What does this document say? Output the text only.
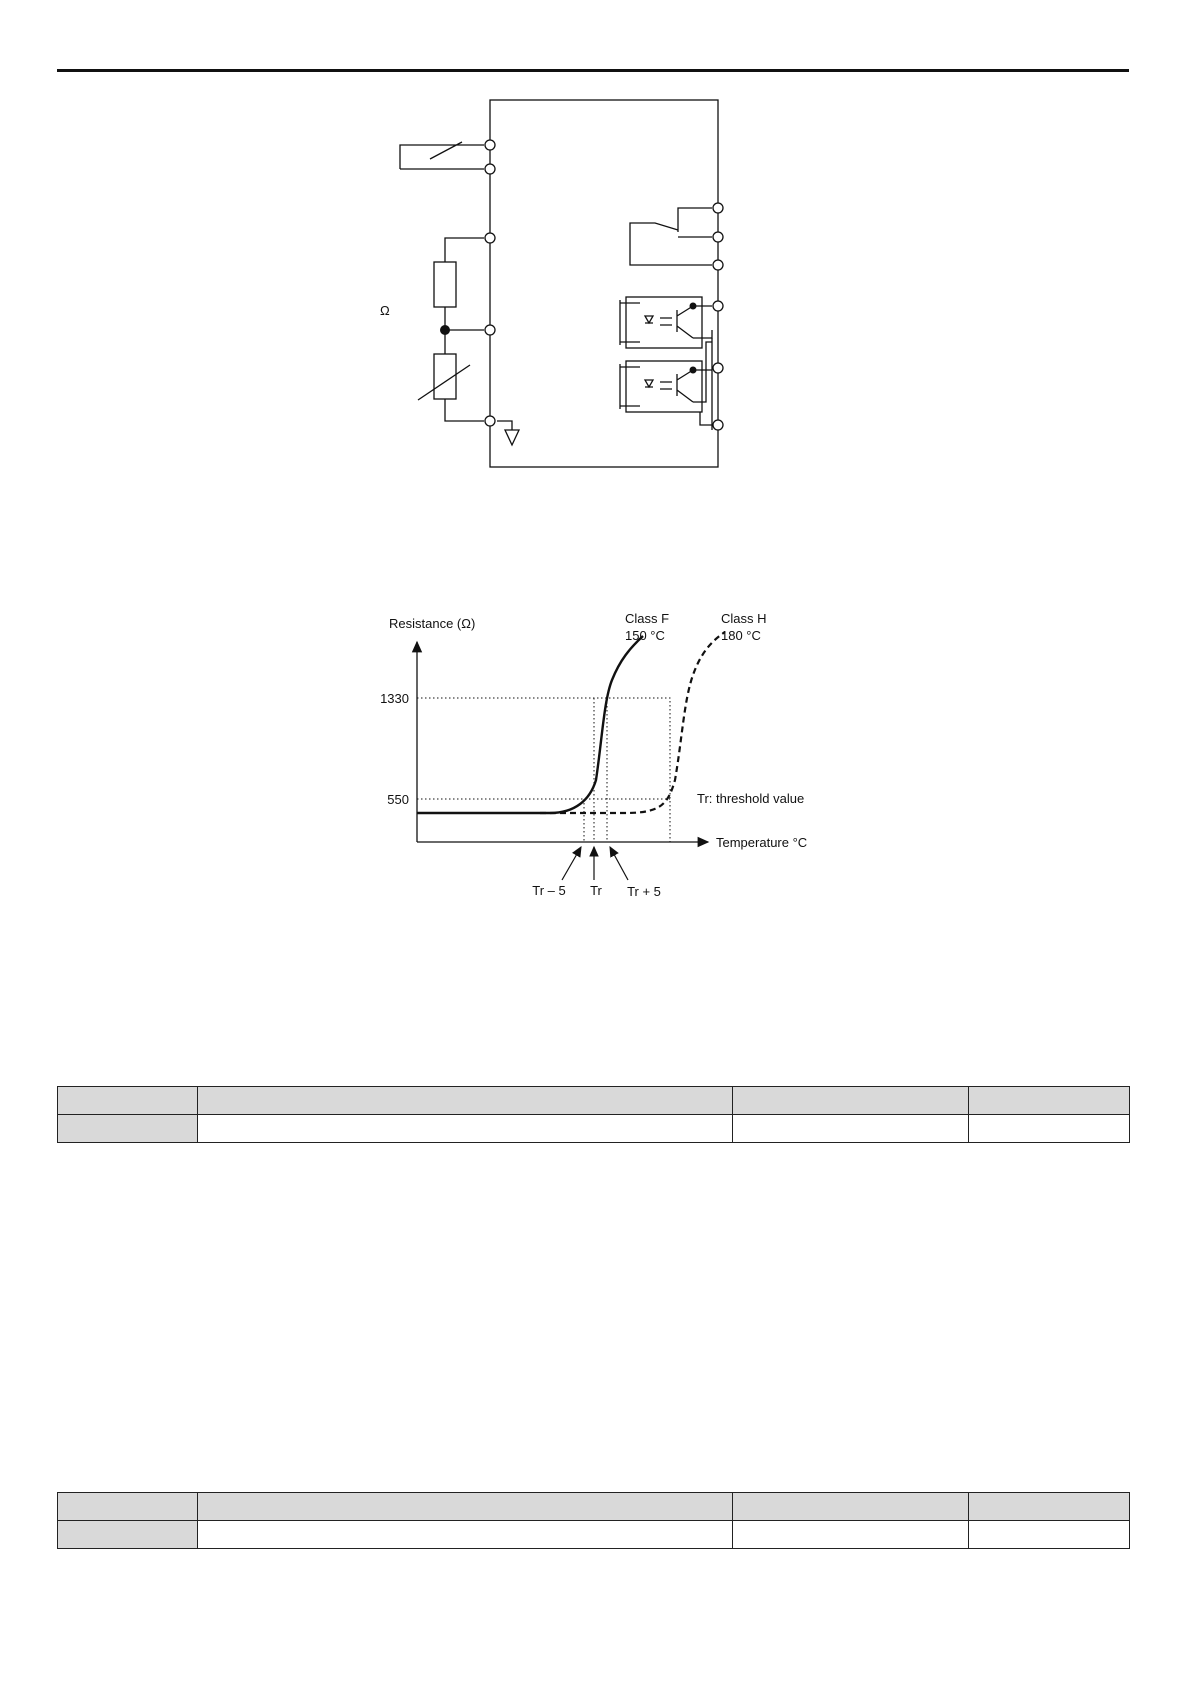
Ω
Resistance (Ω)
Temperature °C
1330
550
Class F
150 °C
Class H
180 °C
Tr: threshold value
Tr – 5 Tr Tr + 5
